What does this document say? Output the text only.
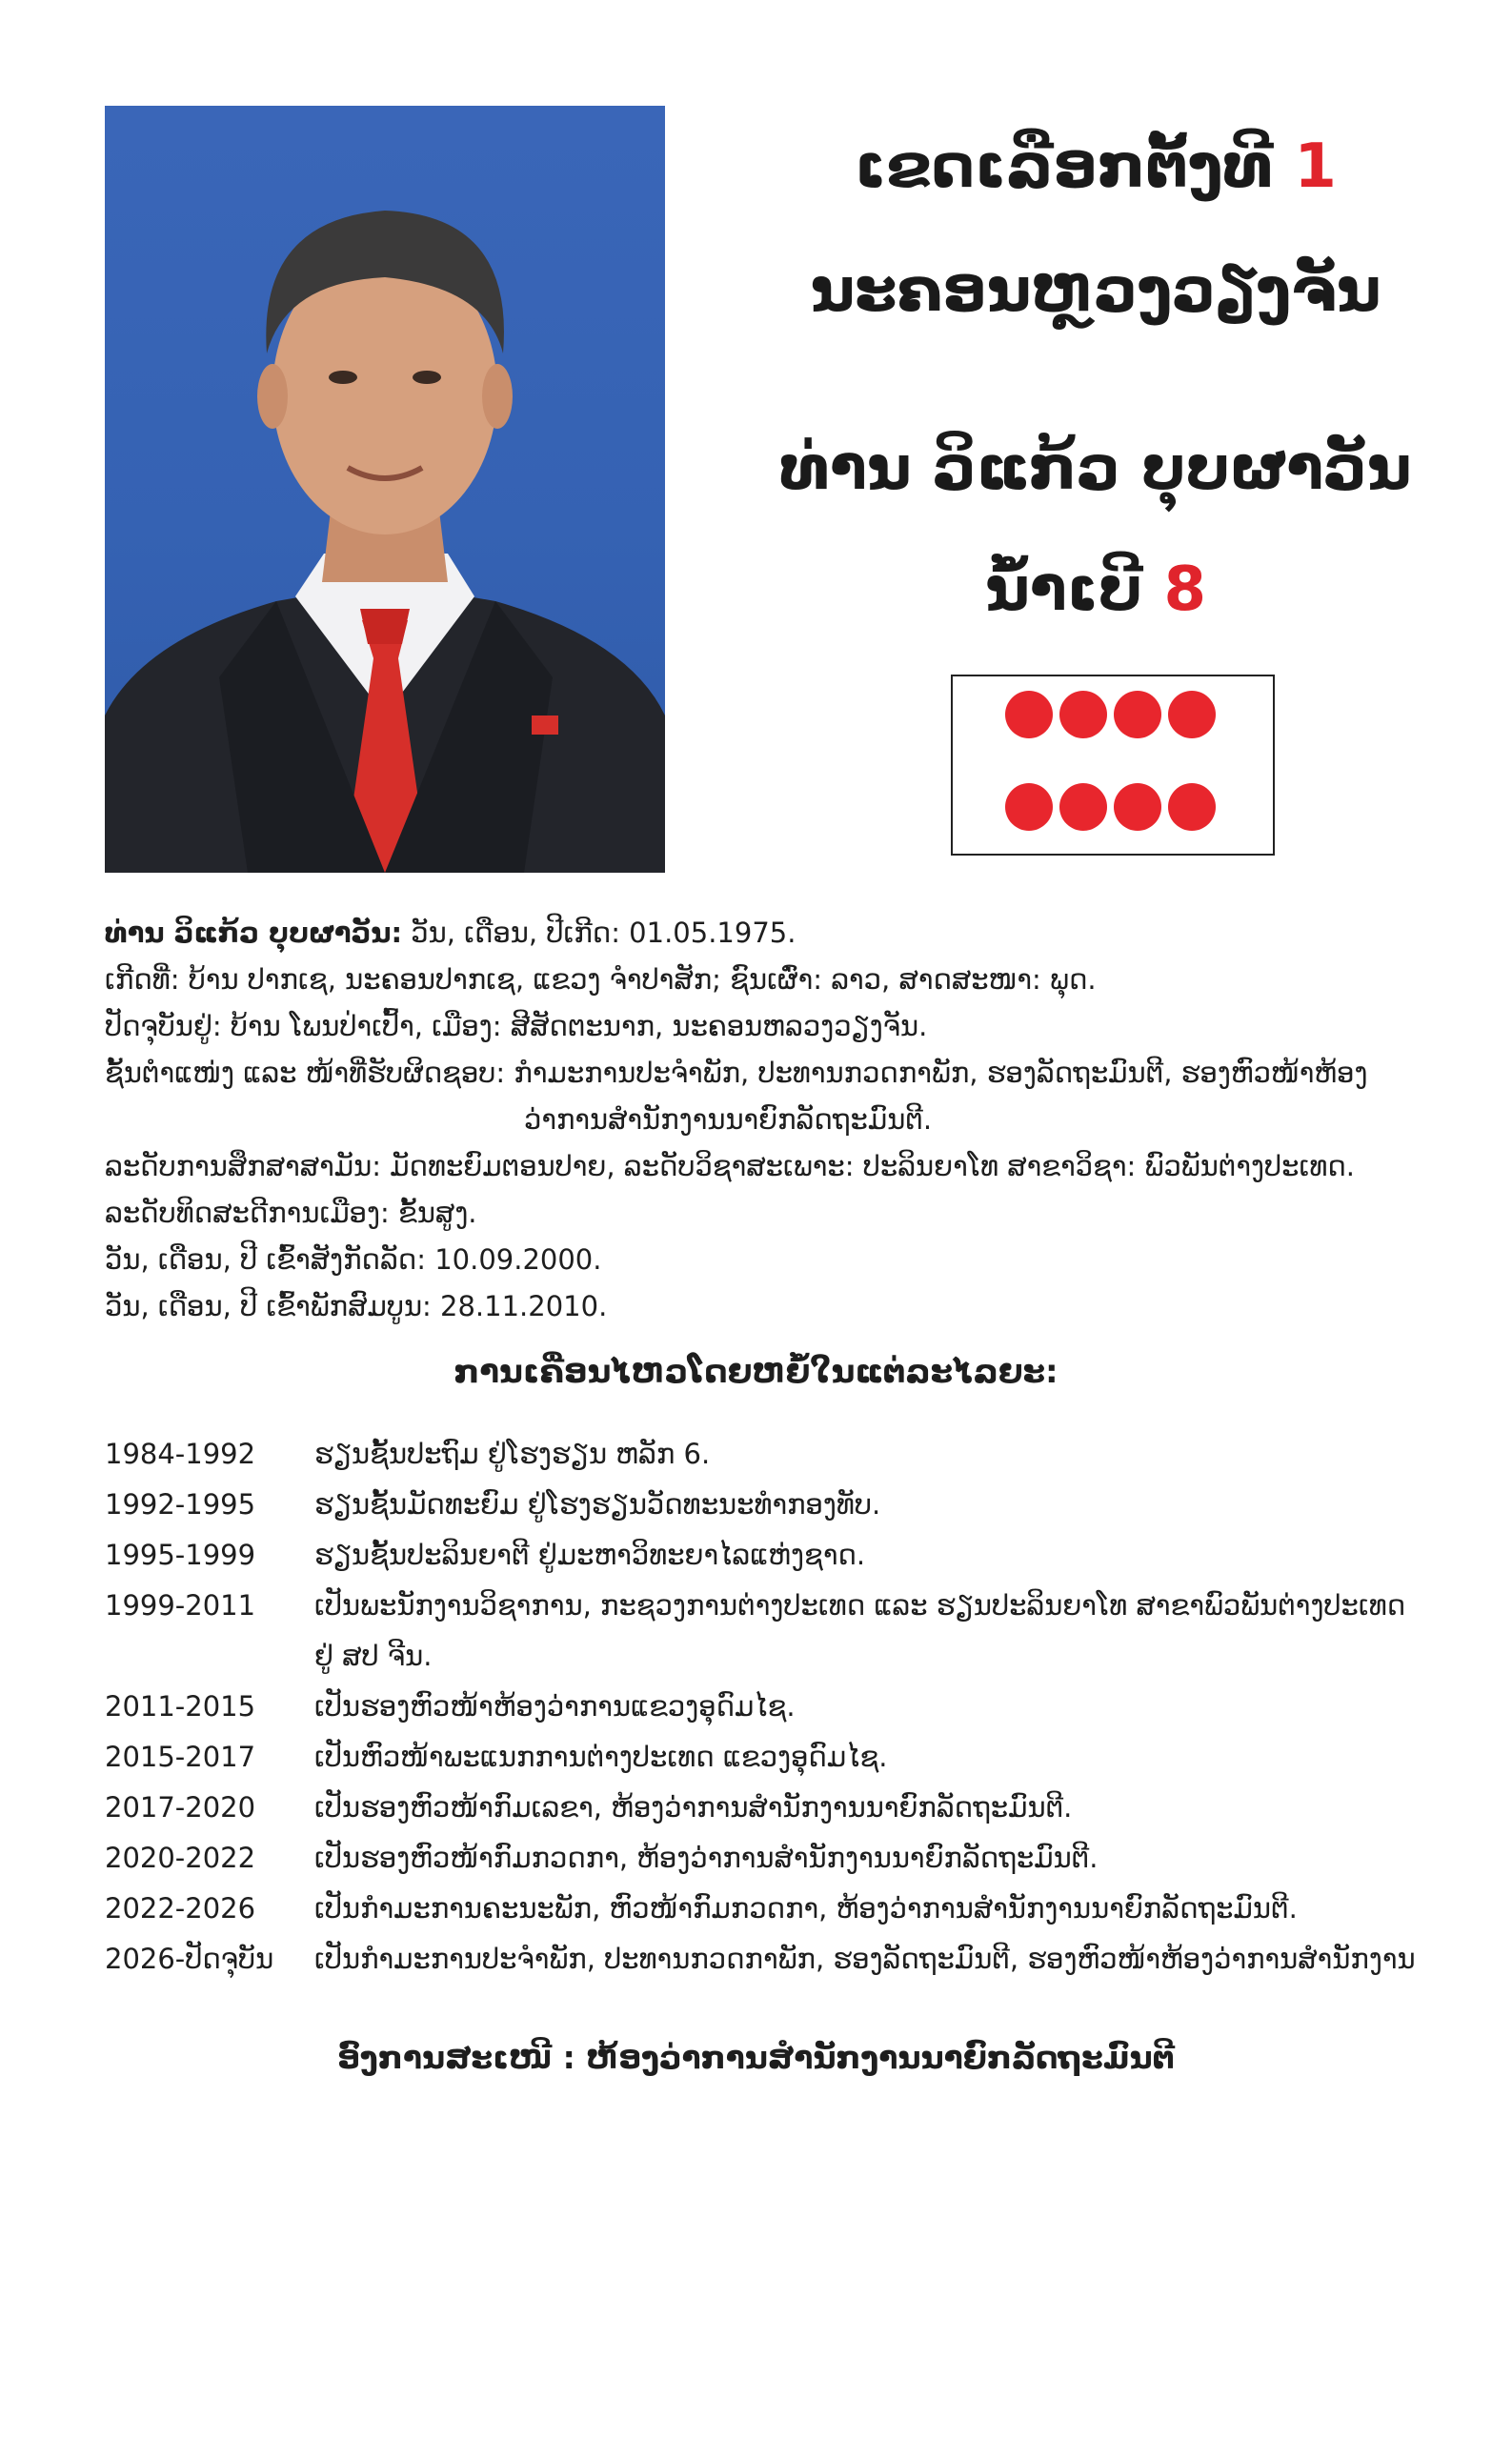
ເຂດເລືອກຕັ້ງທີ 1
ນະຄອນຫຼວງວຽງຈັນ
ທ່ານ ວິແກ້ວ ບຸບຜາວັນ
ນໍ້າເບີ 8
ທ່ານ ວິແກ້ວ ບຸບຜາວັນ: ວັນ, ເດືອນ, ປີເກີດ: 01.05.1975.
ເກີດທີ່: ບ້ານ ປາກເຊ, ນະຄອນປາກເຊ, ແຂວງ ຈຳປາສັກ; ຊົນເຜົ່າ: ລາວ, ສາດສະໜາ: ພຸດ.
ປັດຈຸບັນຢູ່: ບ້ານ ໂພນປ່າເປົ້າ, ເມືອງ: ສີສັດຕະນາກ, ນະຄອນຫລວງວຽງຈັນ.
ຊັ້ນຕຳແໜ່ງ ແລະ ໜ້າທີ່ຮັບຜິດຊອບ: ກຳມະການປະຈຳພັກ, ປະທານກວດກາພັກ, ຮອງລັດຖະມົນຕີ, ຮອງຫົວໜ້າຫ້ອງ
ວ່າການສຳນັກງານນາຍົກລັດຖະມົນຕີ.
ລະດັບການສຶກສາສາມັນ: ມັດທະຍົມຕອນປາຍ, ລະດັບວິຊາສະເພາະ: ປະລິນຍາໂທ ສາຂາວິຊາ: ພົວພັນຕ່າງປະເທດ.
ລະດັບທິດສະດີການເມືອງ: ຂັ້ນສູງ.
ວັນ, ເດືອນ, ປີ ເຂົ້າສັງກັດລັດ: 10.09.2000.
ວັນ, ເດືອນ, ປີ ເຂົ້າພັກສົມບູນ: 28.11.2010.
ການເຄື່ອນໄຫວໂດຍຫຍໍ້ໃນແຕ່ລະໄລຍະ:
1984-1992	ຮຽນຊັ້ນປະຖົມ ຢູ່ໂຮງຮຽນ ຫລັກ 6.
1992-1995	ຮຽນຊັ້ນມັດທະຍົມ ຢູ່ໂຮງຮຽນວັດທະນະທຳກອງທັບ.
1995-1999	ຮຽນຊັ້ນປະລິນຍາຕີ ຢູ່ມະຫາວິທະຍາໄລແຫ່ງຊາດ.
1999-2011	ເປັນພະນັກງານວິຊາການ, ກະຊວງການຕ່າງປະເທດ ແລະ ຮຽນປະລິນຍາໂທ ສາຂາພົວພັນຕ່າງປະເທດ
ຢູ່ ສປ ຈີນ.
2011-2015	ເປັນຮອງຫົວໜ້າຫ້ອງວ່າການແຂວງອຸດົມໄຊ.
2015-2017	ເປັນຫົວໜ້າພະແນກການຕ່າງປະເທດ ແຂວງອຸດົມໄຊ.
2017-2020	ເປັນຮອງຫົວໜ້າກົມເລຂາ, ຫ້ອງວ່າການສຳນັກງານນາຍົກລັດຖະມົນຕີ.
2020-2022	ເປັນຮອງຫົວໜ້າກົມກວດກາ, ຫ້ອງວ່າການສຳນັກງານນາຍົກລັດຖະມົນຕີ.
2022-2026	ເປັນກຳມະການຄະນະພັກ, ຫົວໜ້າກົມກວດກາ, ຫ້ອງວ່າການສຳນັກງານນາຍົກລັດຖະມົນຕີ.
2026-ປັດຈຸບັນ	ເປັນກຳມະການປະຈຳພັກ, ປະທານກວດກາພັກ, ຮອງລັດຖະມົນຕີ, ຮອງຫົວໜ້າຫ້ອງວ່າການສຳນັກງານ
ອົງການສະເໜີ : ຫ້ອງວ່າການສຳນັກງານນາຍົກລັດຖະມົນຕີ
